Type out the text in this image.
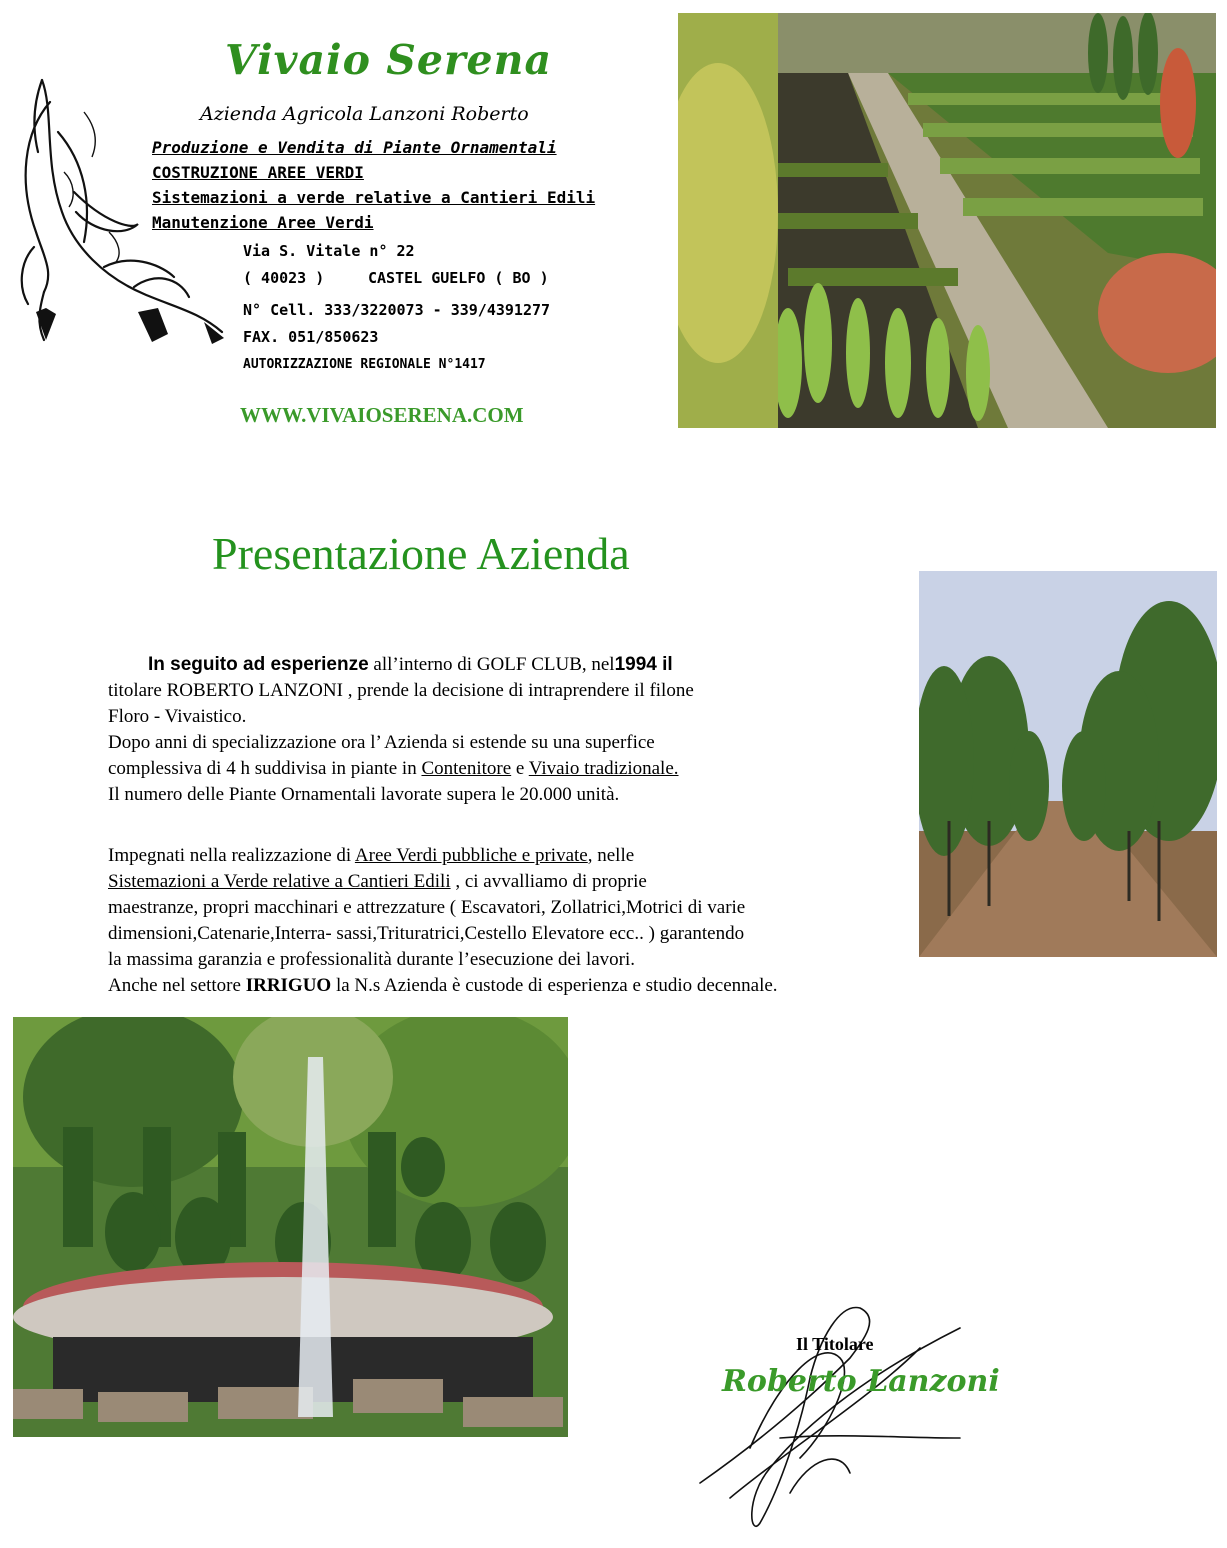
Vivaio Serena
Azienda Agricola Lanzoni Roberto
Produzione e Vendita di Piante Ornamentali
COSTRUZIONE AREE VERDI
Sistemazioni a verde relative a Cantieri Edili
Manutenzione Aree Verdi
Via S. Vitale n° 22
( 40023 )	CASTEL GUELFO ( BO )
N° Cell. 333/3220073 - 339/4391277
FAX. 051/850623
AUTORIZZAZIONE REGIONALE N°1417
WWW.VIVAIOSERENA.COM
Presentazione Azienda
In seguito ad esperienze all’interno di GOLF CLUB, nel1994 il
titolare ROBERTO LANZONI , prende la decisione di intraprendere il filone
Floro - Vivaistico.
Dopo anni di specializzazione ora l’ Azienda si estende su una superfice
complessiva di 4 h suddivisa in piante in Contenitore e Vivaio tradizionale.
Il numero delle Piante Ornamentali lavorate supera le 20.000 unità.
Impegnati nella realizzazione di Aree Verdi pubbliche e private, nelle
Sistemazioni a Verde relative a Cantieri Edili , ci avvalliamo di proprie
maestranze, propri macchinari e attrezzature ( Escavatori, Zollatrici,Motrici di varie
dimensioni,Catenarie,Interra- sassi,Trituratrici,Cestello Elevatore ecc.. ) garantendo
la massima garanzia e professionalità durante l’esecuzione dei lavori.
Anche nel settore IRRIGUO la N.s Azienda è custode di esperienza e studio decennale.
Il Titolare
Roberto Lanzoni
